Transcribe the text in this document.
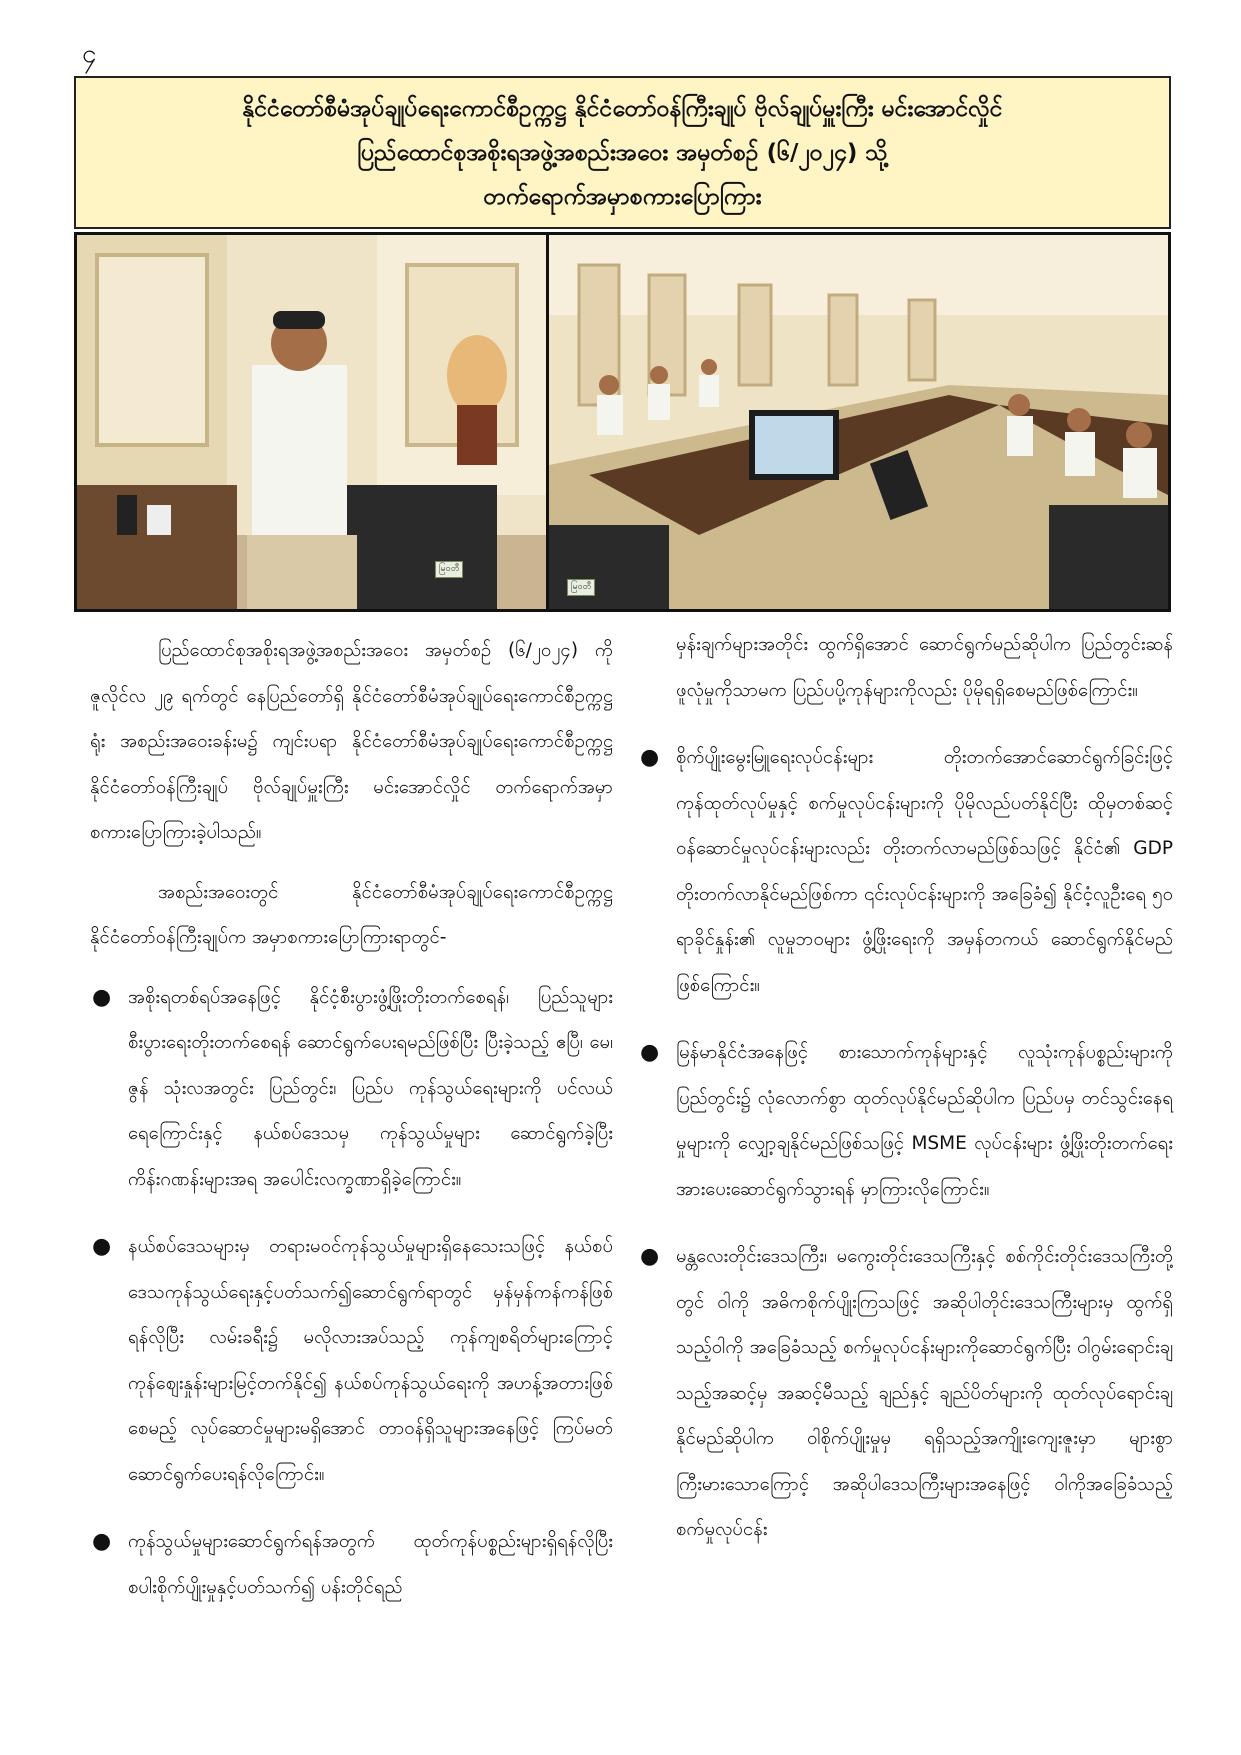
၄
နိုင်ငံတော်စီမံအုပ်ချုပ်ရေးကောင်စီဥက္ကဋ္ဌ နိုင်ငံတော်ဝန်ကြီးချုပ် ဗိုလ်ချုပ်မှူးကြီး မင်းအောင်လှိုင်
ပြည်ထောင်စုအစိုးရအဖွဲ့အစည်းအဝေး အမှတ်စဉ် (၆/၂၀၂၄) သို့
တက်ရောက်အမှာစကားပြောကြား
မြဝတီ
မြဝတီ

ပြည်ထောင်စုအစိုးရအဖွဲ့အစည်းအဝေး အမှတ်စဉ် (၆/၂၀၂၄) ကို ဇူလိုင်လ ၂၉ ရက်တွင် နေပြည်တော်ရှိ နိုင်ငံတော်စီမံအုပ်ချုပ်ရေးကောင်စီဥက္ကဋ္ဌရုံး အစည်းအဝေးခန်းမ၌ ကျင်းပရာ နိုင်ငံတော်စီမံအုပ်ချုပ်ရေးကောင်စီဥက္ကဋ္ဌ နိုင်ငံတော်ဝန်ကြီးချုပ် ဗိုလ်ချုပ်မှူးကြီး မင်းအောင်လှိုင် တက်ရောက်အမှာစကားပြောကြားခဲ့ပါသည်။

အစည်းအဝေးတွင် နိုင်ငံတော်စီမံအုပ်ချုပ်ရေးကောင်စီဥက္ကဋ္ဌ နိုင်ငံတော်ဝန်ကြီးချုပ်က အမှာစကားပြောကြားရာတွင်-

● အစိုးရတစ်ရပ်အနေဖြင့် နိုင်ငံ့စီးပွားဖွံ့ဖြိုးတိုးတက်စေရန်၊ ပြည်သူများစီးပွားရေးတိုးတက်စေရန် ဆောင်ရွက်ပေးရမည်ဖြစ်ပြီး ပြီးခဲ့သည့် ဧပြီ၊ မေ၊ ဇွန် သုံးလအတွင်း ပြည်တွင်း၊ ပြည်ပ ကုန်သွယ်ရေးများကို ပင်လယ်ရေကြောင်းနှင့် နယ်စပ်ဒေသမှ ကုန်သွယ်မှုများ ဆောင်ရွက်ခဲ့ပြီး ကိန်းဂဏန်းများအရ အပေါင်းလက္ခဏာရှိခဲ့ကြောင်း။
● နယ်စပ်ဒေသများမှ တရားမဝင်ကုန်သွယ်မှုများရှိနေသေးသဖြင့် နယ်စပ်ဒေသကုန်သွယ်ရေးနှင့်ပတ်သက်၍ဆောင်ရွက်ရာတွင် မှန်မှန်ကန်ကန်ဖြစ်ရန်လိုပြီး လမ်းခရီး၌ မလိုလားအပ်သည့် ကုန်ကျစရိတ်များကြောင့် ကုန်ဈေးနှုန်းများမြင့်တက်နိုင်၍ နယ်စပ်ကုန်သွယ်ရေးကို အဟန့်အတားဖြစ်စေမည့် လုပ်ဆောင်မှုများမရှိအောင် တာဝန်ရှိသူများအနေဖြင့် ကြပ်မတ်ဆောင်ရွက်ပေးရန်လိုကြောင်း။
● ကုန်သွယ်မှုများဆောင်ရွက်ရန်အတွက် ထုတ်ကုန်ပစ္စည်းများရှိရန်လိုပြီး စပါးစိုက်ပျိုးမှုနှင့်ပတ်သက်၍ ပန်းတိုင်ရည်

မှန်းချက်များအတိုင်း ထွက်ရှိအောင် ဆောင်ရွက်မည်ဆိုပါက ပြည်တွင်းဆန်ဖူလုံမှုကိုသာမက ပြည်ပပို့ကုန်များကိုလည်း ပိုမိုရရှိစေမည်ဖြစ်ကြောင်း။

● စိုက်ပျိုးမွေးမြူရေးလုပ်ငန်းများ တိုးတက်အောင်ဆောင်ရွက်ခြင်းဖြင့် ကုန်ထုတ်လုပ်မှုနှင့် စက်မှုလုပ်ငန်းများကို ပိုမိုလည်ပတ်နိုင်ပြီး ထိုမှတစ်ဆင့် ဝန်ဆောင်မှုလုပ်ငန်းများလည်း တိုးတက်လာမည်ဖြစ်သဖြင့် နိုင်ငံ၏ GDP တိုးတက်လာနိုင်မည်ဖြစ်ကာ ၎င်းလုပ်ငန်းများကို အခြေခံ၍ နိုင်ငံ့လူဦးရေ ၅၀ ရာခိုင်နှုန်း၏ လူမှုဘဝများ ဖွံ့ဖြိုးရေးကို အမှန်တကယ် ဆောင်ရွက်နိုင်မည်ဖြစ်ကြောင်း။
● မြန်မာနိုင်ငံအနေဖြင့် စားသောက်ကုန်များနှင့် လူသုံးကုန်ပစ္စည်းများကို ပြည်တွင်း၌ လုံလောက်စွာ ထုတ်လုပ်နိုင်မည်ဆိုပါက ပြည်ပမှ တင်သွင်းနေရမှုများကို လျှော့ချနိုင်မည်ဖြစ်သဖြင့် MSME လုပ်ငန်းများ ဖွံ့ဖြိုးတိုးတက်ရေးအားပေးဆောင်ရွက်သွားရန် မှာကြားလိုကြောင်း။
● မန္တလေးတိုင်းဒေသကြီး၊ မကွေးတိုင်းဒေသကြီးနှင့် စစ်ကိုင်းတိုင်းဒေသကြီးတို့တွင် ဝါကို အဓိကစိုက်ပျိုးကြသဖြင့် အဆိုပါတိုင်းဒေသကြီးများမှ ထွက်ရှိသည့်ဝါကို အခြေခံသည့် စက်မှုလုပ်ငန်းများကိုဆောင်ရွက်ပြီး ဝါဂွမ်းရောင်းချသည့်အဆင့်မှ အဆင့်မီသည့် ချည်နှင့် ချည်ပိတ်များကို ထုတ်လုပ်ရောင်းချနိုင်မည်ဆိုပါက ဝါစိုက်ပျိုးမှုမှ ရရှိသည့်အကျိုးကျေးဇူးမှာ များစွာကြီးမားသောကြောင့် အဆိုပါဒေသကြီးများအနေဖြင့် ဝါကိုအခြေခံသည့် စက်မှုလုပ်ငန်း
